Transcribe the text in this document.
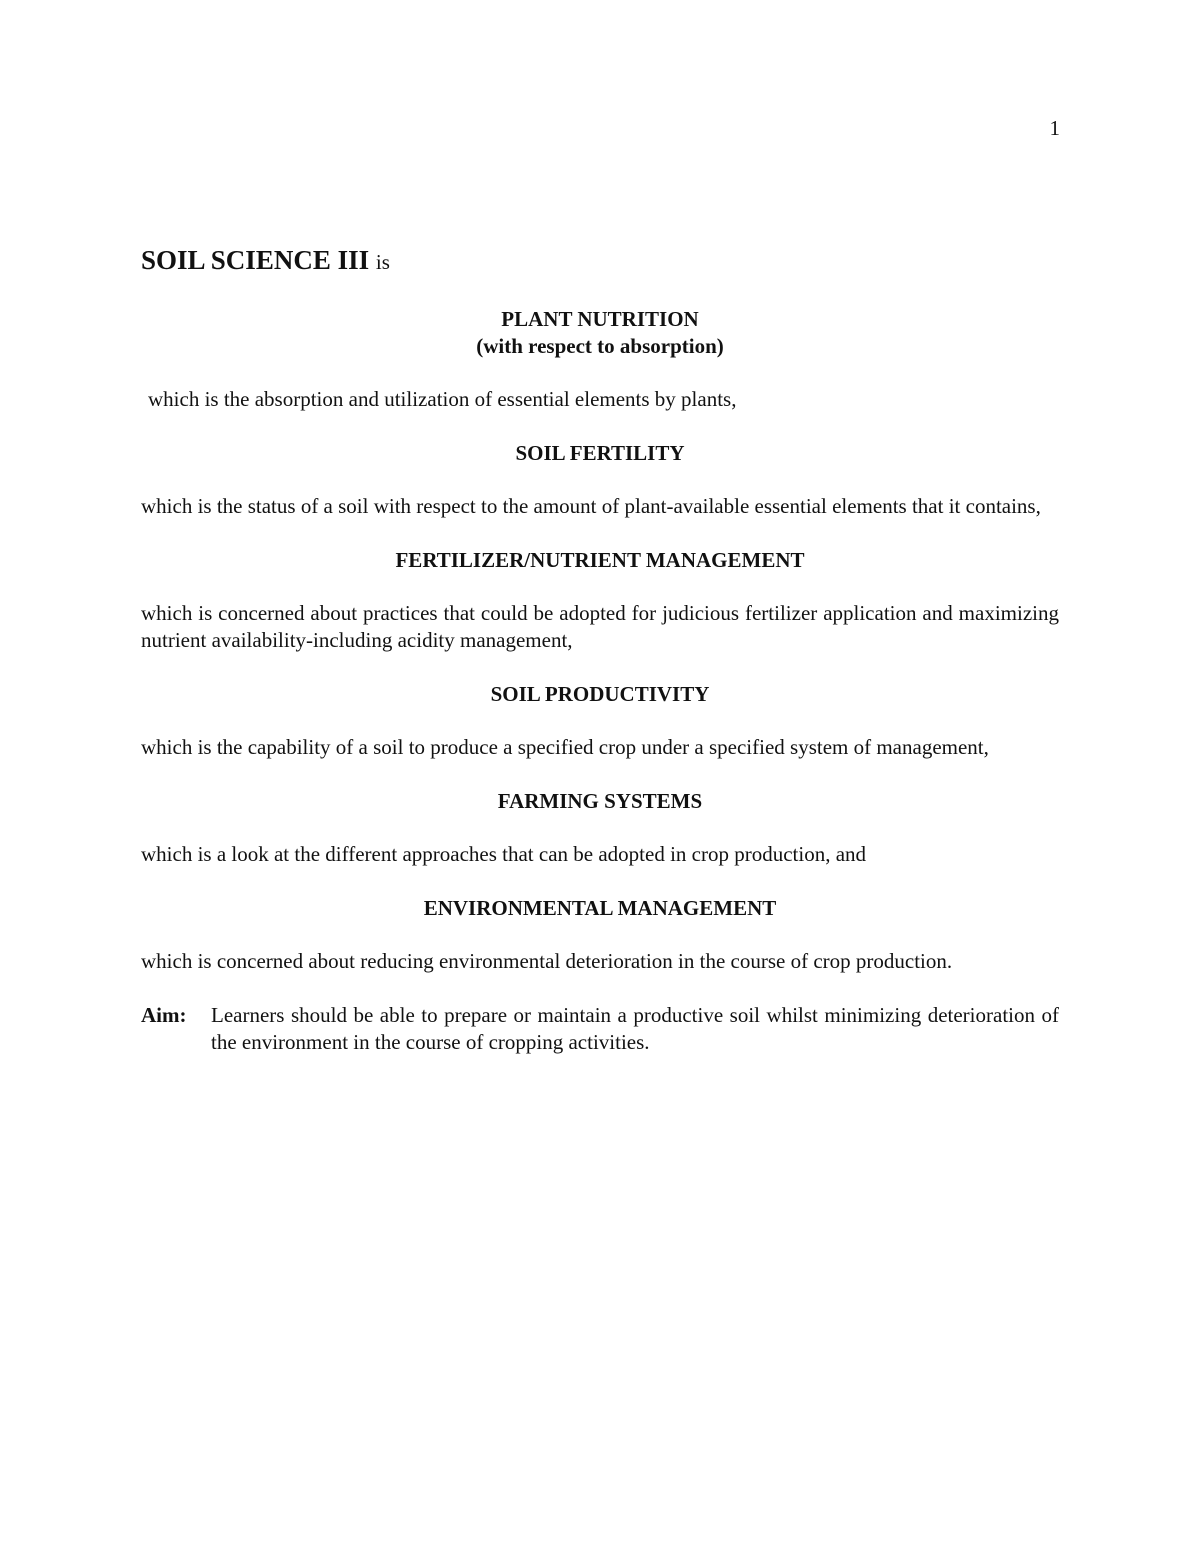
1
SOIL SCIENCE III is
PLANT NUTRITION
(with respect to absorption)

which is the absorption and utilization of essential elements by plants,

SOIL FERTILITY

which is the status of a soil with respect to the amount of plant-available essential elements that it contains,

FERTILIZER/NUTRIENT MANAGEMENT

which is concerned about practices that could be adopted for judicious fertilizer application and maximizing nutrient availability-including acidity management,

SOIL PRODUCTIVITY

which is the capability of a soil to produce a specified crop under a specified system of management,

FARMING SYSTEMS

which is a look at the different approaches that can be adopted in crop production, and

ENVIRONMENTAL MANAGEMENT

which is concerned about reducing environmental deterioration in the course of crop production.

Aim:	Learners should be able to prepare or maintain a productive soil whilst minimizing deterioration of the environment in the course of cropping activities.
